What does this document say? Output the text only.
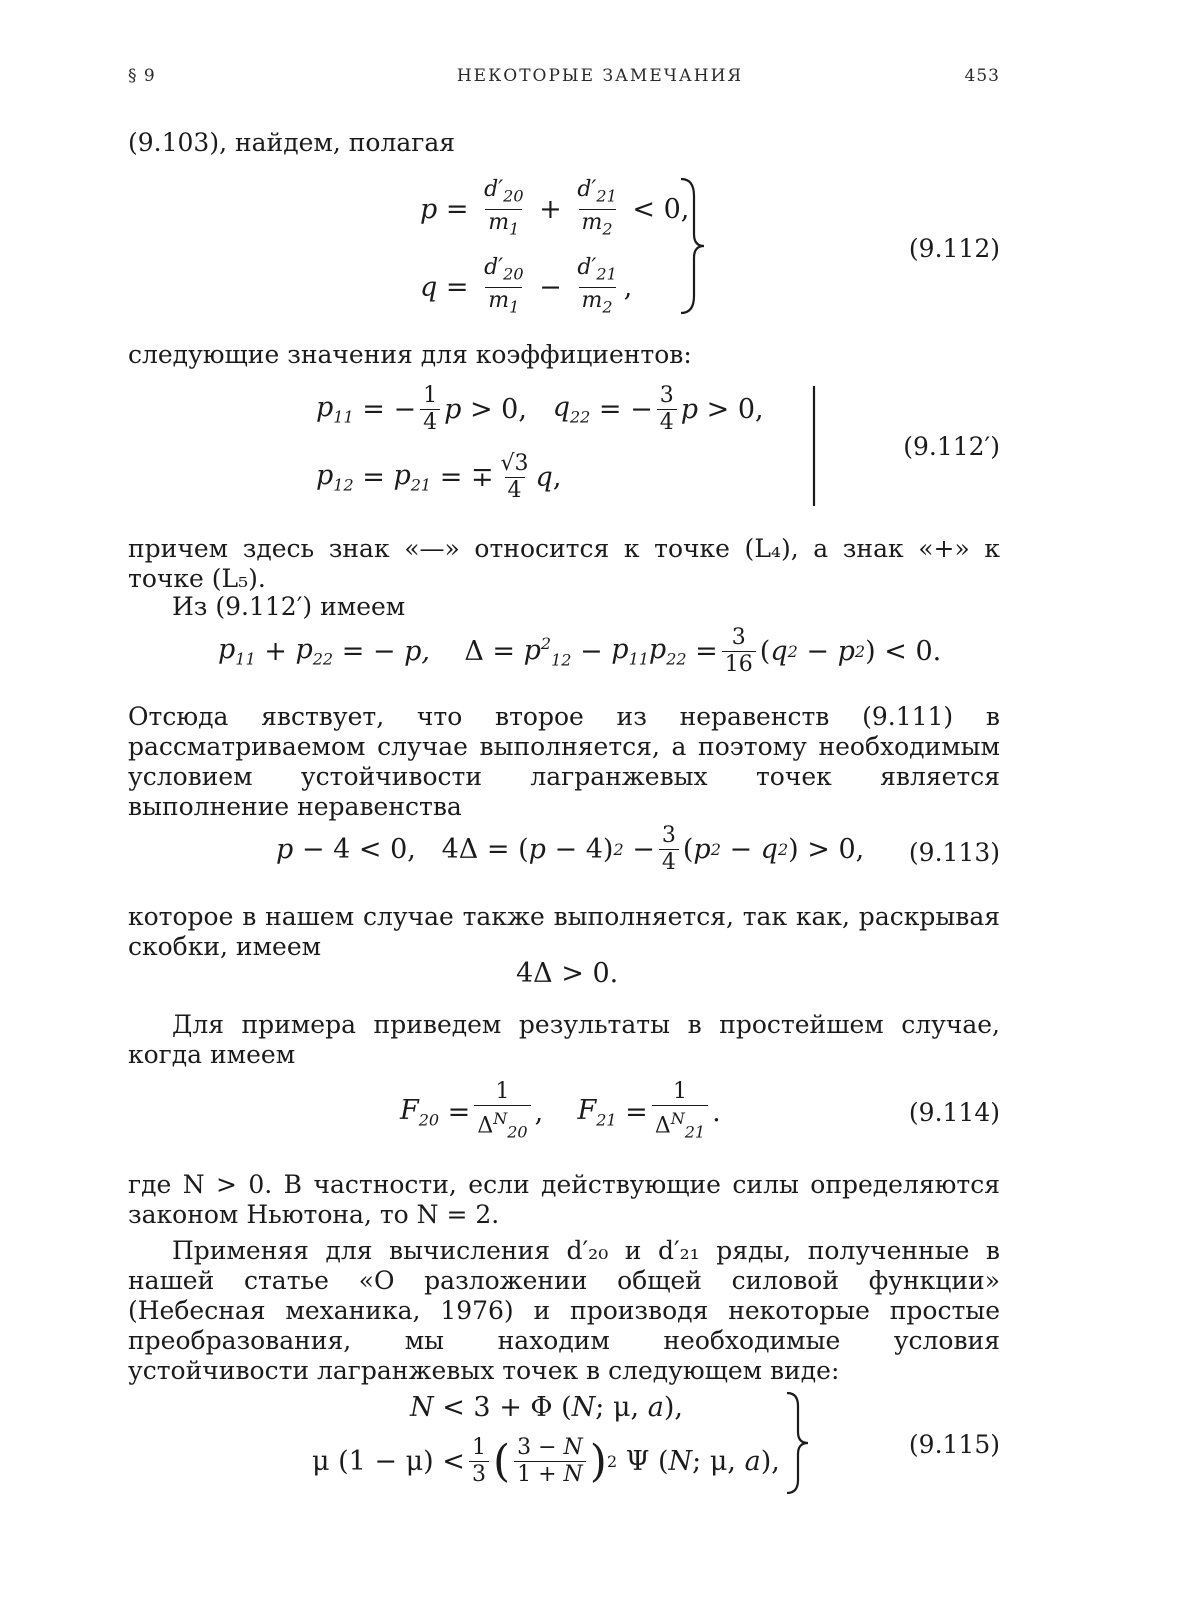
§ 9	НЕКОТОРЫЕ ЗАМЕЧАНИЯ	453

(9.103), найдем, полагая

$p = \frac{d'_{20}}{m_1} + \frac{d'_{21}}{m_2} < 0$,
$q = \frac{d'_{20}}{m_1} - \frac{d'_{21}}{m_2}$ ,
(9.112)

следующие значения для коэффициентов:

$p_{11}$ = − $\frac{1}{4}$ p > 0,
$q_{22}$ = − $\frac{3}{4}$ p > 0,
$p_{12} = p_{21}$ = ∓ $\frac{√3}{4}$ q ,
(9.112′)

причем здесь знак «—» относится к точке (L₄), а знак «+» к точке (L₅).

Из (9.112′) имеем

$p_{11} + p_{22}$ = − p,
$\Delta = p^2_{12} - p_{11}p_{22} = \frac{3}{16}$ ( q 2 − p 2 ) < 0.

Отсюда явствует, что второе из неравенств (9.111) в рассматриваемом случае выполняется, а поэтому необходимым условием устойчивости лагранжевых точек является выполнение неравенства

p − 4 < 0,
4Δ = ( p − 4) $2 - \frac{3}{4}$ ( p 2 − q 2 ) > 0, (9.113)

которое в нашем случае также выполняется, так как, раскрывая скобки, имеем

4Δ > 0.

Для примера приведем результаты в простейшем случае, когда имеем

$F_{20} = \frac{1}{\Delta^N_{20}}$ ,
$F_{21} = \frac{1}{\Delta^N_{21}}$ .	(9.114)

где N > 0. В частности, если действующие силы определяются законом Ньютона, то N = 2.

Применяя для вычисления d′₂₀ и d′₂₁ ряды, полученные в нашей статье «О разложении общей силовой функции» (Небесная механика, 1976) и производя некоторые простые преобразования, мы находим необходимые условия устойчивости лагранжевых точек в следующем виде:

N < 3 + Φ ( N ;
μ,
a ),
μ $(1 - \mu) < \frac{1}{3}$ ( $\frac{3 - N}{1 + N}$ ) 2
Ψ ( N ;
μ,
a ),
(9.115)
